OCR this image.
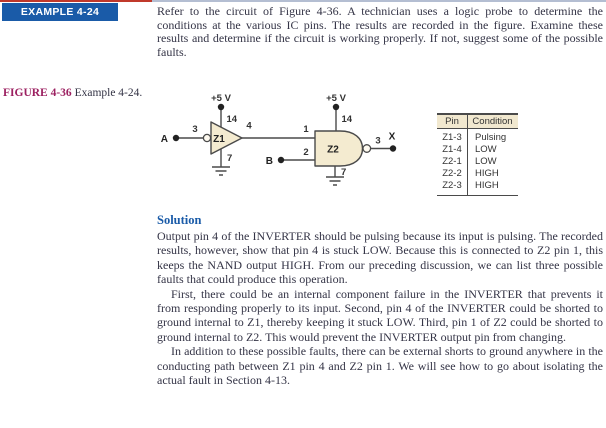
EXAMPLE 4-24	Refer to the circuit of Figure 4-36. A technician uses a logic probe to determine the conditions at the various IC pins. The results are recorded in the figure. Examine these results and determine if the circuit is working properly. If not, suggest some of the possible faults.
FIGURE 4-36 Example 4-24.	+5 V	+5 V
14	14
A
3
Z1
4
7
1
B
2 Z2
3 X
7
Pin	Condition
Z1-3	Pulsing
Z1-4	LOW
Z2-1	LOW
Z2-2	HIGH
Z2-3	HIGH
Solution

Output pin 4 of the INVERTER should be pulsing because its input is pulsing. The recorded results, however, show that pin 4 is stuck LOW. Because this is connected to Z2 pin 1, this keeps the NAND output HIGH. From our preceding discussion, we can list three possible faults that could produce this operation.

First, there could be an internal component failure in the INVERTER that prevents it from responding properly to its input. Second, pin 4 of the INVERTER could be shorted to ground internal to Z1, thereby keeping it stuck LOW. Third, pin 1 of Z2 could be shorted to ground internal to Z2. This would prevent the INVERTER output pin from changing.

In addition to these possible faults, there can be external shorts to ground anywhere in the conducting path between Z1 pin 4 and Z2 pin 1. We will see how to go about isolating the actual fault in Section 4-13.
